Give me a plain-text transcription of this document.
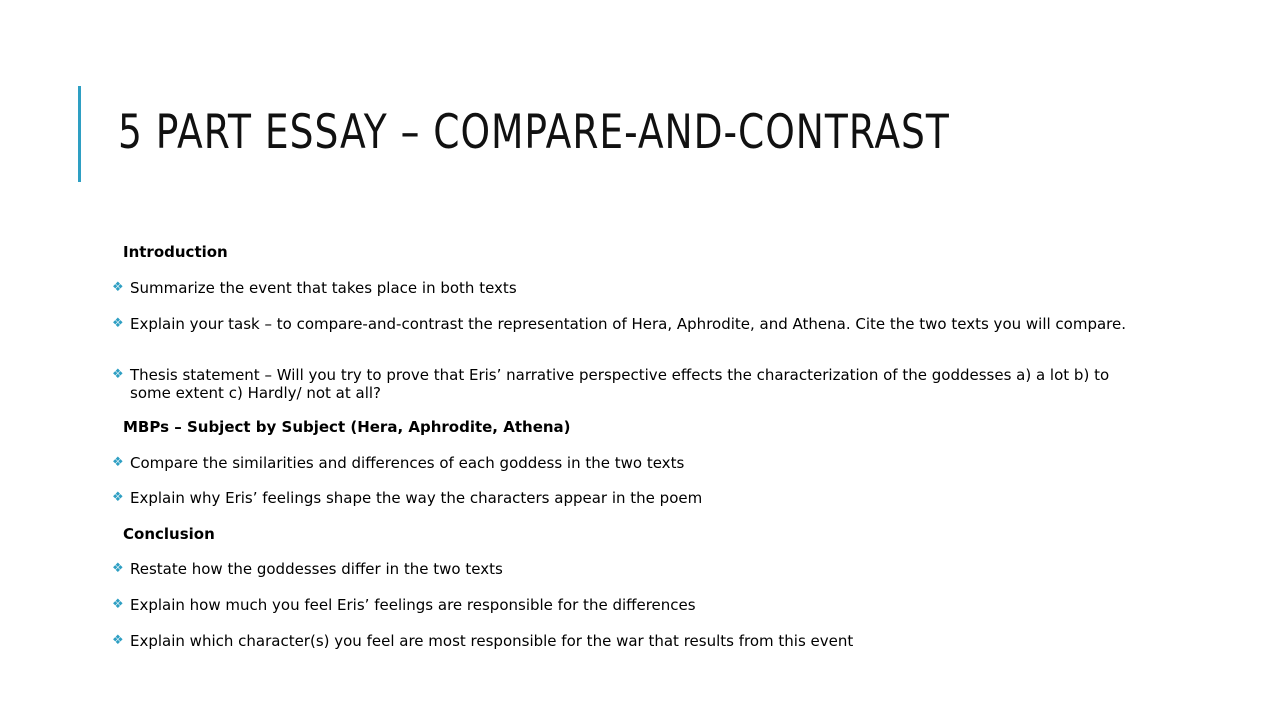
5 PART ESSAY – COMPARE-AND-CONTRAST
Introduction
❖ Summarize the event that takes place in both texts
❖ Explain your task – to compare-and-contrast the representation of Hera, Aphrodite, and Athena. Cite the two texts you will compare.
❖ Thesis statement – Will you try to prove that Eris’ narrative perspective effects the characterization of the goddesses a) a lot b) to some extent c) Hardly/ not at all?
MBPs – Subject by Subject (Hera, Aphrodite, Athena)
❖ Compare the similarities and differences of each goddess in the two texts
❖ Explain why Eris’ feelings shape the way the characters appear in the poem
Conclusion
❖ Restate how the goddesses differ in the two texts
❖ Explain how much you feel Eris’ feelings are responsible for the differences
❖ Explain which character(s) you feel are most responsible for the war that results from this event
